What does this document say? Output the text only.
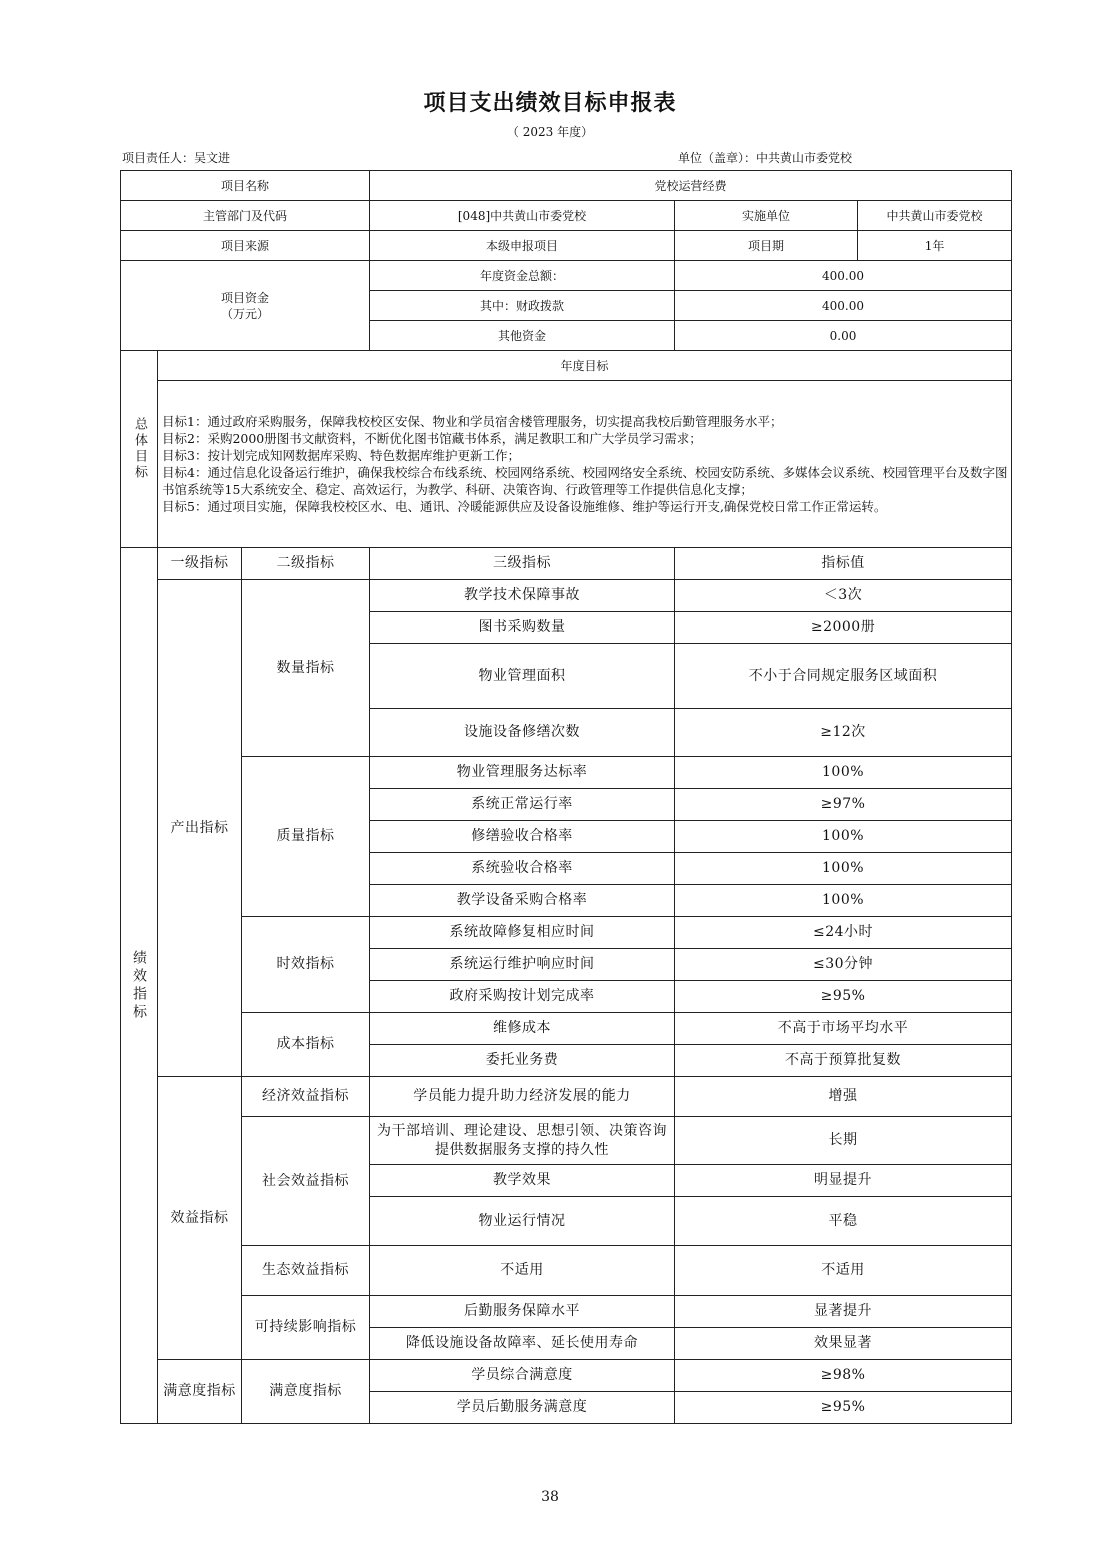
项目支出绩效目标申报表
（ 2023 年度）
项目责任人：吴文进	单位（盖章）：中共黄山市委党校
项目名称			党校运营经费		
主管部门及代码			[048]中共黄山市委党校	实施单位	中共黄山市委党校
项目来源			本级申报项目	项目期	1年

项目资金
（万元）			年度资金总额：	400.00	
			其中：财政拨款	400.00	
			其他资金	0.00	

总体目标	年度目标				

	目标1：通过政府采购服务，保障我校校区安保、物业和学员宿舍楼管理服务，切实提高我校后勤管理服务水平；
目标2：采购2000册图书文献资料，不断优化图书馆藏书体系，满足教职工和广大学员学习需求；
目标3：按计划完成知网数据库采购、特色数据库维护更新工作；
目标4：通过信息化设备运行维护，确保我校综合布线系统、校园网络系统、校园网络安全系统、校园安防系统、多媒体会议系统、校园管理平台及数字图书馆系统等15大系统安全、稳定、高效运行，为教学、科研、决策咨询、行政管理等工作提供信息化支撑；
目标5：通过项目实施，保障我校校区水、电、通讯、冷暖能源供应及设备设施维修、维护等运行开支,确保党校日常工作正常运转。				

绩效指标	一级指标	二级指标	三级指标	指标值	
	产出指标	数量指标	教学技术保障事故	＜3次	
			图书采购数量	≥2000册	
			物业管理面积	不小于合同规定服务区域面积	
			设施设备修缮次数	≥12次	
		质量指标	物业管理服务达标率	100%	
			系统正常运行率	≥97%	
			修缮验收合格率	100%	
			系统验收合格率	100%	
			教学设备采购合格率	100%	
		时效指标	系统故障修复相应时间	≤24小时	
			系统运行维护响应时间	≤30分钟	
			政府采购按计划完成率	≥95%	
		成本指标	维修成本	不高于市场平均水平	
			委托业务费	不高于预算批复数	
	效益指标	经济效益指标	学员能力提升助力经济发展的能力	增强	
		社会效益指标	为干部培训、理论建设、思想引领、决策咨询提供数据服务支撑的持久性	长期	
			教学效果	明显提升	
			物业运行情况	平稳	
		生态效益指标	不适用	不适用	
		可持续影响指标	后勤服务保障水平	显著提升	
			降低设施设备故障率、延长使用寿命	效果显著	
	满意度指标	满意度指标	学员综合满意度	≥98%	
			学员后勤服务满意度	≥95%	
38
